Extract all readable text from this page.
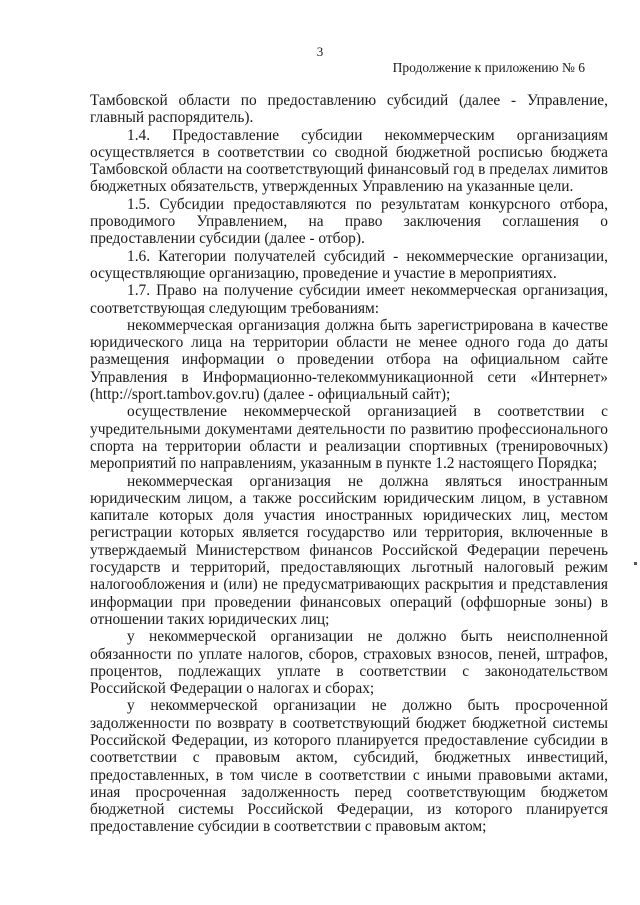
3
Продолжение к приложению № 6

Тамбовской области по предоставлению субсидий (далее - Управление, главный распорядитель).

1.4. Предоставление субсидии некоммерческим организациям осуществляется в соответствии со сводной бюджетной росписью бюджета Тамбовской области на соответствующий финансовый год в пределах лимитов бюджетных обязательств, утвержденных Управлению на указанные цели.

1.5. Субсидии предоставляются по результатам конкурсного отбора, проводимого Управлением, на право заключения соглашения о предоставлении субсидии (далее - отбор).

1.6. Категории получателей субсидий - некоммерческие организации, осуществляющие организацию, проведение и участие в мероприятиях.

1.7. Право на получение субсидии имеет некоммерческая организация, соответствующая следующим требованиям:

некоммерческая организация должна быть зарегистрирована в качестве юридического лица на территории области не менее одного года до даты размещения информации о проведении отбора на официальном сайте Управления в Информационно-телекоммуникационной сети «Интернет» (http://sport.tambov.gov.ru) (далее - официальный сайт);

осуществление некоммерческой организацией в соответствии с учредительными документами деятельности по развитию профессионального спорта на территории области и реализации спортивных (тренировочных) мероприятий по направлениям, указанным в пункте 1.2 настоящего Порядка;

некоммерческая организация не должна являться иностранным юридическим лицом, а также российским юридическим лицом, в уставном капитале которых доля участия иностранных юридических лиц, местом регистрации которых является государство или территория, включенные в утверждаемый Министерством финансов Российской Федерации перечень государств и территорий, предоставляющих льготный налоговый режим налогообложения и (или) не предусматривающих раскрытия и представления информации при проведении финансовых операций (оффшорные зоны) в отношении таких юридических лиц;

у некоммерческой организации не должно быть неисполненной обязанности по уплате налогов, сборов, страховых взносов, пеней, штрафов, процентов, подлежащих уплате в соответствии с законодательством Российской Федерации о налогах и сборах;

у некоммерческой организации не должно быть просроченной задолженности по возврату в соответствующий бюджет бюджетной системы Российской Федерации, из которого планируется предоставление субсидии в соответствии с правовым актом, субсидий, бюджетных инвестиций, предоставленных, в том числе в соответствии с иными правовыми актами, иная просроченная задолженность перед соответствующим бюджетом бюджетной системы Российской Федерации, из которого планируется предоставление субсидии в соответствии с правовым актом;
